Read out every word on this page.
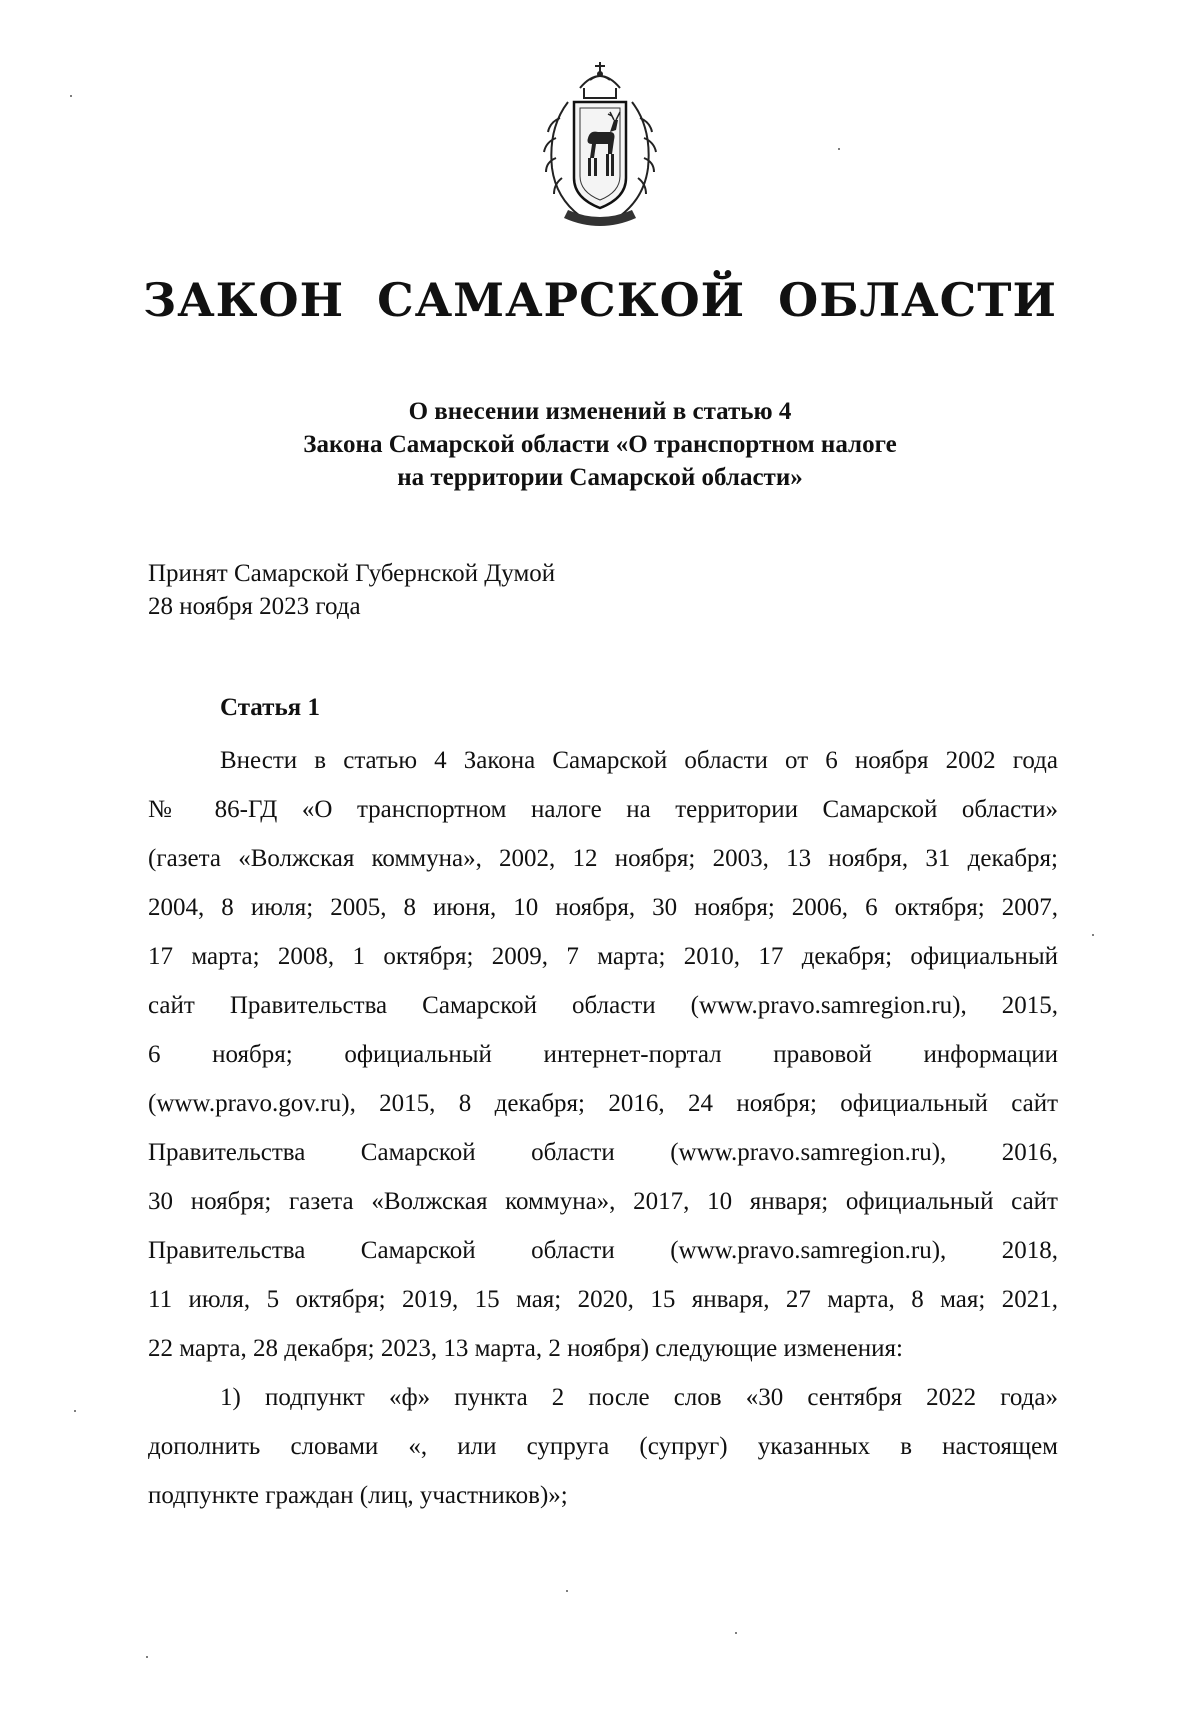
ЗАКОН САМАРСКОЙ ОБЛАСТИ
О внесении изменений в статью 4
Закона Самарской области «О транспортном налоге
на территории Самарской области»
Принят Самарской Губернской Думой
28 ноября 2023 года
Статья 1
Внести в статью 4 Закона Самарской области от 6 ноября 2002 года
№ 86-ГД «О транспортном налоге на территории Самарской области»
(газета «Волжская коммуна», 2002, 12 ноября; 2003, 13 ноября, 31 декабря;
2004, 8 июля; 2005, 8 июня, 10 ноября, 30 ноября; 2006, 6 октября; 2007,
17 марта; 2008, 1 октября; 2009, 7 марта; 2010, 17 декабря; официальный
сайт Правительства Самарской области (www.pravo.samregion.ru), 2015,
6 ноября; официальный интернет-портал правовой информации
(www.pravo.gov.ru), 2015, 8 декабря; 2016, 24 ноября; официальный сайт
Правительства Самарской области (www.pravo.samregion.ru), 2016,
30 ноября; газета «Волжская коммуна», 2017, 10 января; официальный сайт
Правительства Самарской области (www.pravo.samregion.ru), 2018,
11 июля, 5 октября; 2019, 15 мая; 2020, 15 января, 27 марта, 8 мая; 2021,
22 марта, 28 декабря; 2023, 13 марта, 2 ноября) следующие изменения:
1) подпункт «ф» пункта 2 после слов «30 сентября 2022 года»
дополнить словами «, или супруга (супруг) указанных в настоящем
подпункте граждан (лиц, участников)»;
